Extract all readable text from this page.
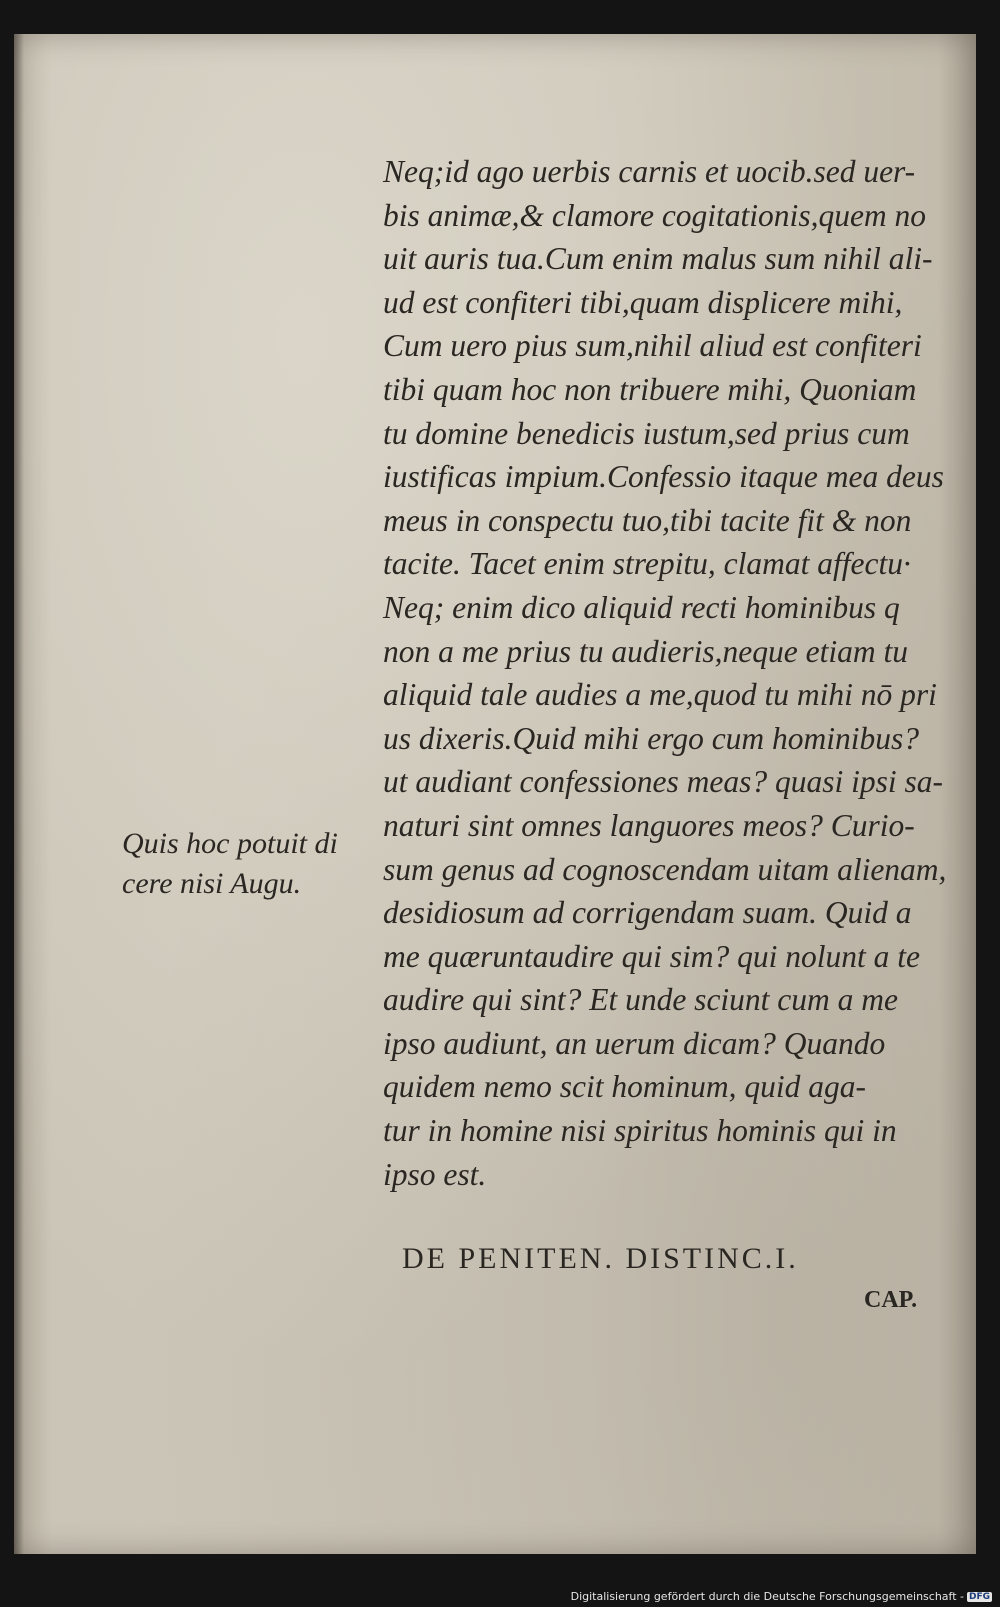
Neq;id ago uerbis carnis et uocib.sed uer-
bis animæ,& clamore cogitationis,quem no
uit auris tua.Cum enim malus sum nihil ali-
ud est confiteri tibi,quam displicere mihi,
Cum uero pius sum,nihil aliud est confiteri
tibi quam hoc non tribuere mihi, Quoniam
tu domine benedicis iustum,sed prius cum
iustificas impium.Confessio itaque mea deus
meus in conspectu tuo,tibi tacite fit & non
tacite. Tacet enim strepitu, clamat affectu·
Neq; enim dico aliquid recti hominibus q
non a me prius tu audieris,neque etiam tu
aliquid tale audies a me,quod tu mihi nō pri
us dixeris.Quid mihi ergo cum hominibus?
ut audiant confessiones meas? quasi ipsi sa-
naturi sint omnes languores meos? Curio-
sum genus ad cognoscendam uitam alienam,
desidiosum ad corrigendam suam. Quid a
me quæruntaudire qui sim? qui nolunt a te
audire qui sint? Et unde sciunt cum a me
ipso audiunt, an uerum dicam? Quando
quidem nemo scit hominum, quid aga-
tur in homine nisi spiritus hominis qui in
ipso est.
Quis hoc potuit di
cere nisi Augu.
DE PENITEN. DISTINC.I.
CAP.
Digitalisierung gefördert durch die Deutsche Forschungsgemeinschaft - DFG
